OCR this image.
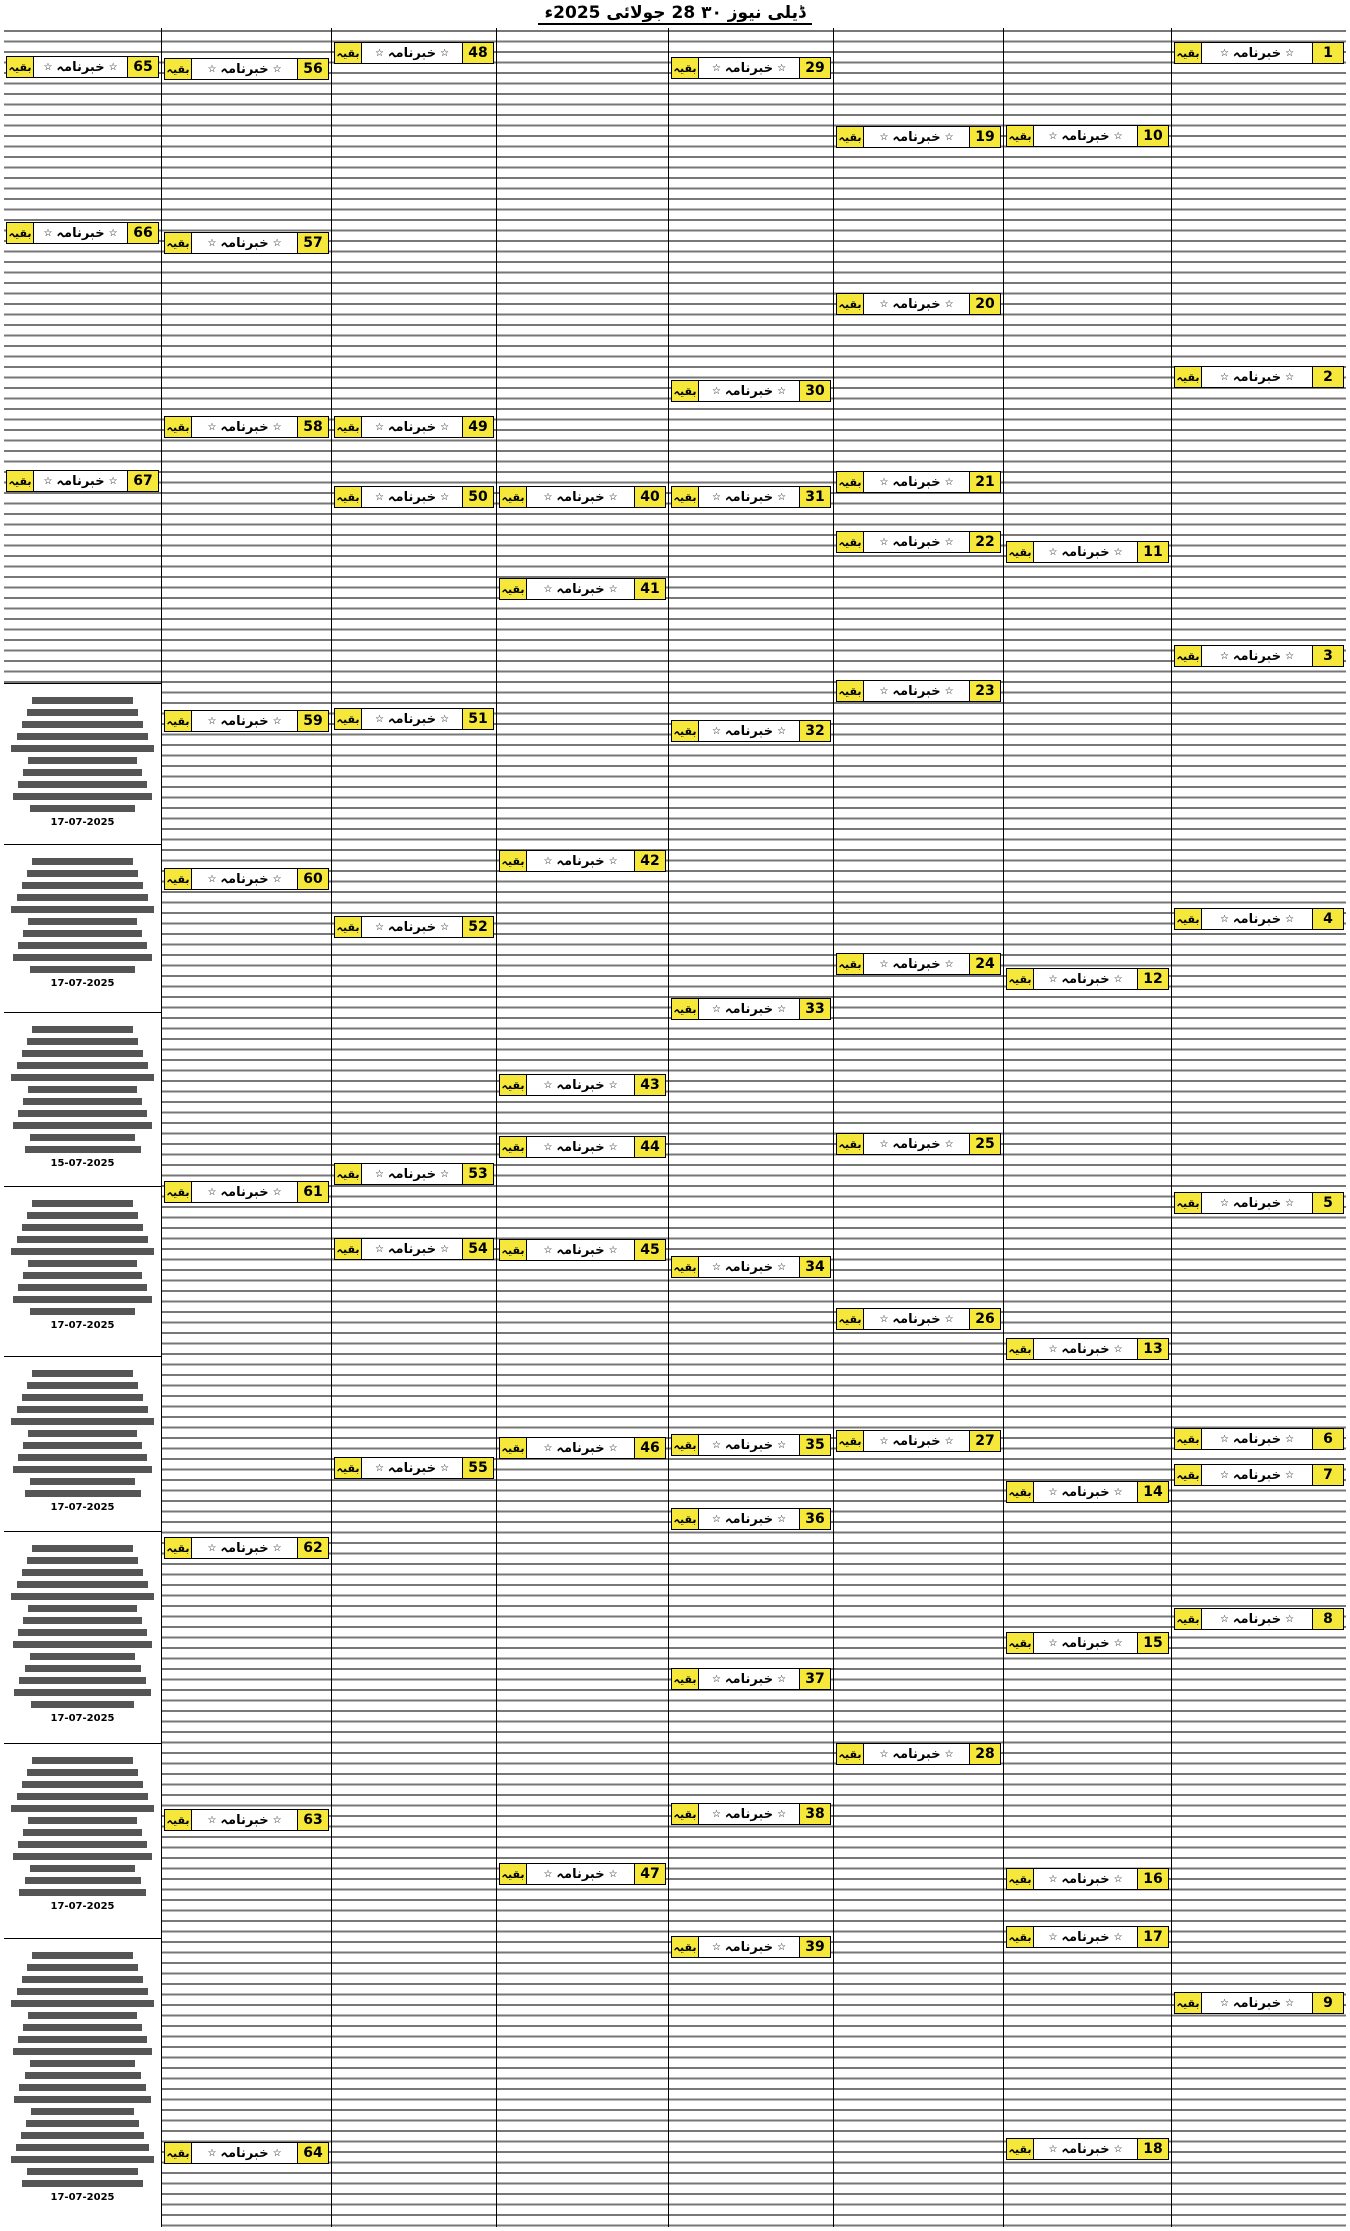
ڈیلی نیوز ۳۰ 28 جولائی 2025ء
1
☆
خبرنامہ
☆
بقیہ
2
☆
خبرنامہ
☆
بقیہ
3
☆
خبرنامہ
☆
بقیہ
4
☆
خبرنامہ
☆
بقیہ
5
☆
خبرنامہ
☆
بقیہ
6
☆
خبرنامہ
☆
بقیہ
7
☆
خبرنامہ
☆
بقیہ
8
☆
خبرنامہ
☆
بقیہ
9
☆
خبرنامہ
☆
بقیہ
10
☆
خبرنامہ
☆
بقیہ
11
☆
خبرنامہ
☆
بقیہ
12
☆
خبرنامہ
☆
بقیہ
13
☆
خبرنامہ
☆
بقیہ
14
☆
خبرنامہ
☆
بقیہ
15
☆
خبرنامہ
☆
بقیہ
16
☆
خبرنامہ
☆
بقیہ
17
☆
خبرنامہ
☆
بقیہ
18
☆
خبرنامہ
☆
بقیہ
19
☆
خبرنامہ
☆
بقیہ
20
☆
خبرنامہ
☆
بقیہ
21
☆
خبرنامہ
☆
بقیہ
22
☆
خبرنامہ
☆
بقیہ
23
☆
خبرنامہ
☆
بقیہ
24
☆
خبرنامہ
☆
بقیہ
25
☆
خبرنامہ
☆
بقیہ
26
☆
خبرنامہ
☆
بقیہ
27
☆
خبرنامہ
☆
بقیہ
28
☆
خبرنامہ
☆
بقیہ
29
☆
خبرنامہ
☆
بقیہ
30
☆
خبرنامہ
☆
بقیہ
31
☆
خبرنامہ
☆
بقیہ
32
☆
خبرنامہ
☆
بقیہ
33
☆
خبرنامہ
☆
بقیہ
34
☆
خبرنامہ
☆
بقیہ
35
☆
خبرنامہ
☆
بقیہ
36
☆
خبرنامہ
☆
بقیہ
37
☆
خبرنامہ
☆
بقیہ
38
☆
خبرنامہ
☆
بقیہ
39
☆
خبرنامہ
☆
بقیہ
40
☆
خبرنامہ
☆
بقیہ
41
☆
خبرنامہ
☆
بقیہ
42
☆
خبرنامہ
☆
بقیہ
43
☆
خبرنامہ
☆
بقیہ
44
☆
خبرنامہ
☆
بقیہ
45
☆
خبرنامہ
☆
بقیہ
46
☆
خبرنامہ
☆
بقیہ
47
☆
خبرنامہ
☆
بقیہ
48
☆
خبرنامہ
☆
بقیہ
49
☆
خبرنامہ
☆
بقیہ
50
☆
خبرنامہ
☆
بقیہ
51
☆
خبرنامہ
☆
بقیہ
52
☆
خبرنامہ
☆
بقیہ
53
☆
خبرنامہ
☆
بقیہ
54
☆
خبرنامہ
☆
بقیہ
55
☆
خبرنامہ
☆
بقیہ
56
☆
خبرنامہ
☆
بقیہ
57
☆
خبرنامہ
☆
بقیہ
58
☆
خبرنامہ
☆
بقیہ
59
☆
خبرنامہ
☆
بقیہ
60
☆
خبرنامہ
☆
بقیہ
61
☆
خبرنامہ
☆
بقیہ
62
☆
خبرنامہ
☆
بقیہ
63
☆
خبرنامہ
☆
بقیہ
64
☆
خبرنامہ
☆
بقیہ
65
☆
خبرنامہ
☆
بقیہ
66
☆
خبرنامہ
☆
بقیہ
67
☆
خبرنامہ
☆
بقیہ
17-07-2025
17-07-2025
15-07-2025
17-07-2025
17-07-2025
17-07-2025
17-07-2025
17-07-2025
